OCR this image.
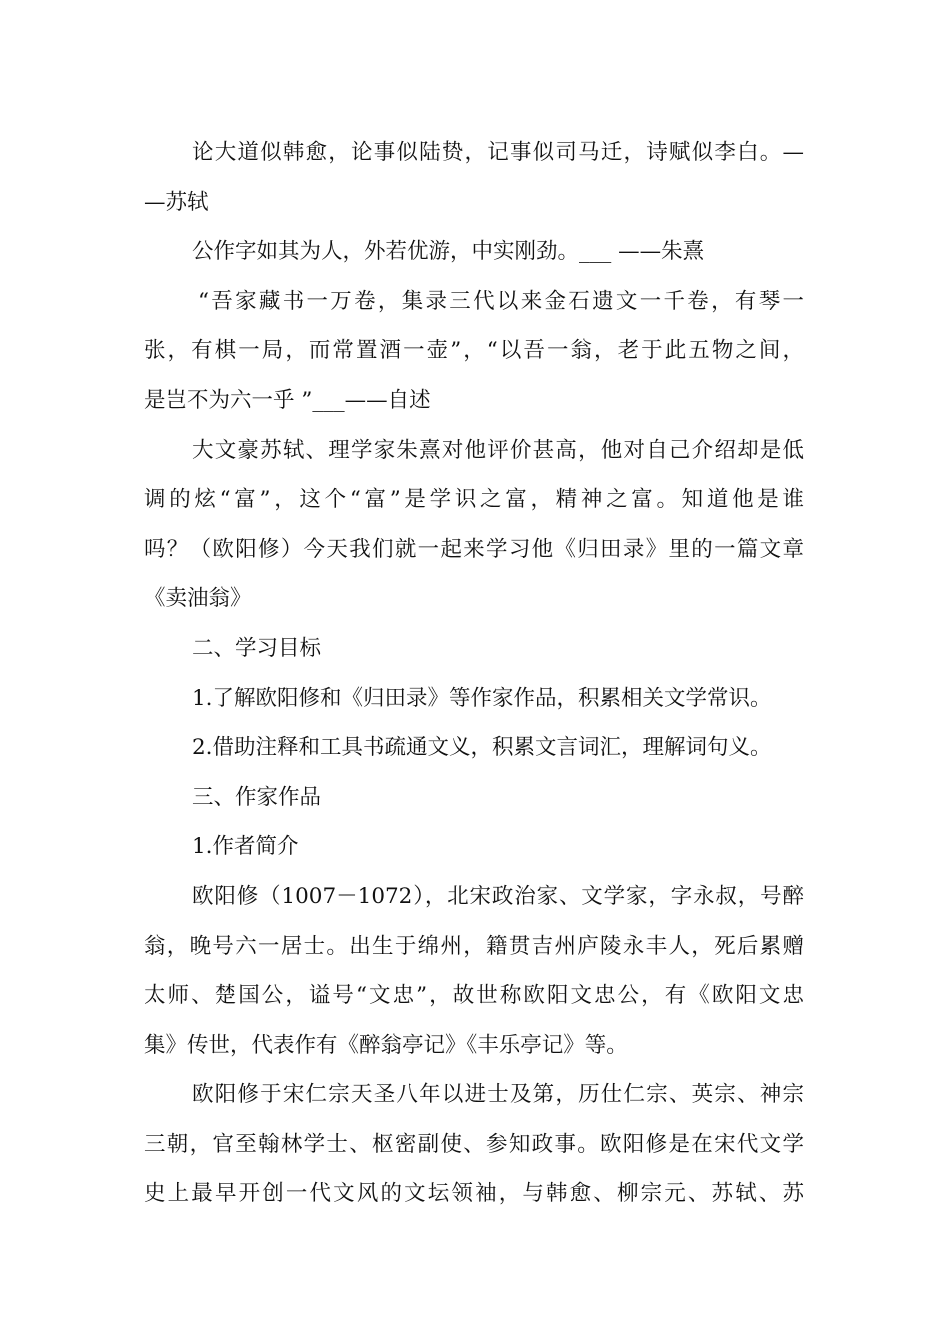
论大道似韩愈，论事似陆贽，记事似司马迁，诗赋似李白。—
—苏轼
公作字如其为人，外若优游，中实刚劲。___ ——朱熹
“吾家藏书一万卷，集录三代以来金石遗文一千卷，有琴一
张，有棋一局，而常置酒一壶”，“以吾一翁，老于此五物之间，
是岂不为六一乎 ”___——自述
大文豪苏轼、理学家朱熹对他评价甚高，他对自己介绍却是低
调的炫“富”，这个“富”是学识之富，精神之富。知道他是谁
吗？（欧阳修）今天我们就一起来学习他《归田录》里的一篇文章
《卖油翁》
二、学习目标
1.了解欧阳修和《归田录》等作家作品，积累相关文学常识。
2.借助注释和工具书疏通文义，积累文言词汇，理解词句义。
三、作家作品
1.作者简介
欧阳修（1007－1072），北宋政治家、文学家，字永叔，号醉
翁，晚号六一居士。出生于绵州，籍贯吉州庐陵永丰人，死后累赠
太师、楚国公，谥号“文忠”，故世称欧阳文忠公，有《欧阳文忠
集》传世，代表作有《醉翁亭记》《丰乐亭记》等。
欧阳修于宋仁宗天圣八年以进士及第，历仕仁宗、英宗、神宗
三朝，官至翰林学士、枢密副使、参知政事。欧阳修是在宋代文学
史上最早开创一代文风的文坛领袖，与韩愈、柳宗元、苏轼、苏
